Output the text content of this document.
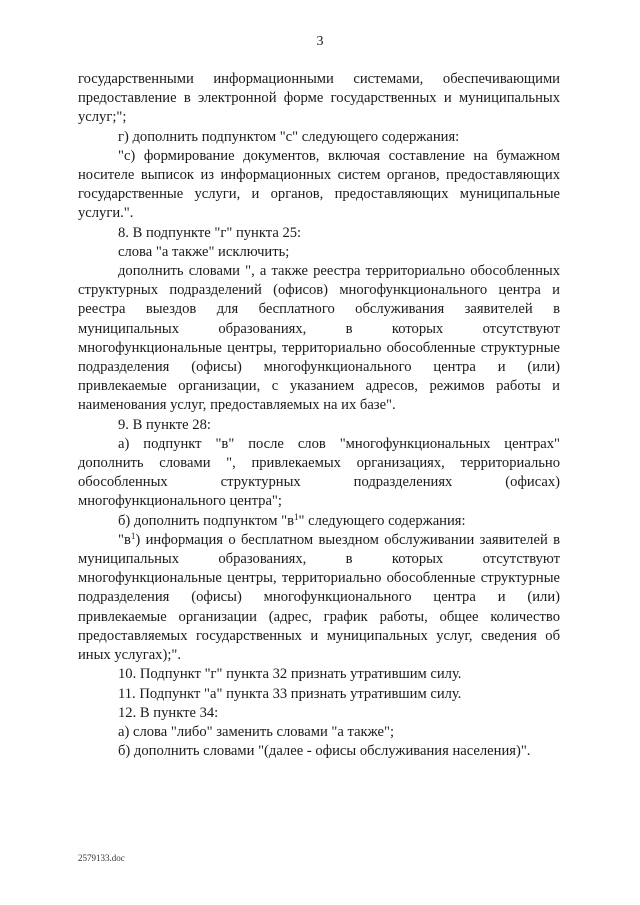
3

государственными информационными системами, обеспечивающими предоставление в электронной форме государственных и муниципальных услуг;";

г) дополнить подпунктом "с" следующего содержания:

"с) формирование документов, включая составление на бумажном носителе выписок из информационных систем органов, предоставляющих государственные услуги, и органов, предоставляющих муниципальные услуги.".

8. В подпункте "г" пункта 25:

слова "а также" исключить;

дополнить словами ", а также реестра территориально обособленных структурных подразделений (офисов) многофункционального центра и реестра выездов для бесплатного обслуживания заявителей в муниципальных образованиях, в которых отсутствуют многофункциональные центры, территориально обособленные структурные подразделения (офисы) многофункционального центра и (или) привлекаемые организации, с указанием адресов, режимов работы и наименования услуг, предоставляемых на их базе".

9. В пункте 28:

а) подпункт "в" после слов "многофункциональных центрах" дополнить словами ", привлекаемых организациях, территориально обособленных структурных подразделениях (офисах) многофункционального центра";

б) дополнить подпунктом "$в^1$" следующего содержания:

"$в^1$) информация о бесплатном выездном обслуживании заявителей в муниципальных образованиях, в которых отсутствуют многофункциональные центры, территориально обособленные структурные подразделения (офисы) многофункционального центра и (или) привлекаемые организации (адрес, график работы, общее количество предоставляемых государственных и муниципальных услуг, сведения об иных услугах);".

10. Подпункт "г" пункта 32 признать утратившим силу.

11. Подпункт "а" пункта 33 признать утратившим силу.

12. В пункте 34:

а) слова "либо" заменить словами "а также";

б) дополнить словами "(далее - офисы обслуживания населения)".

2579133.doc
